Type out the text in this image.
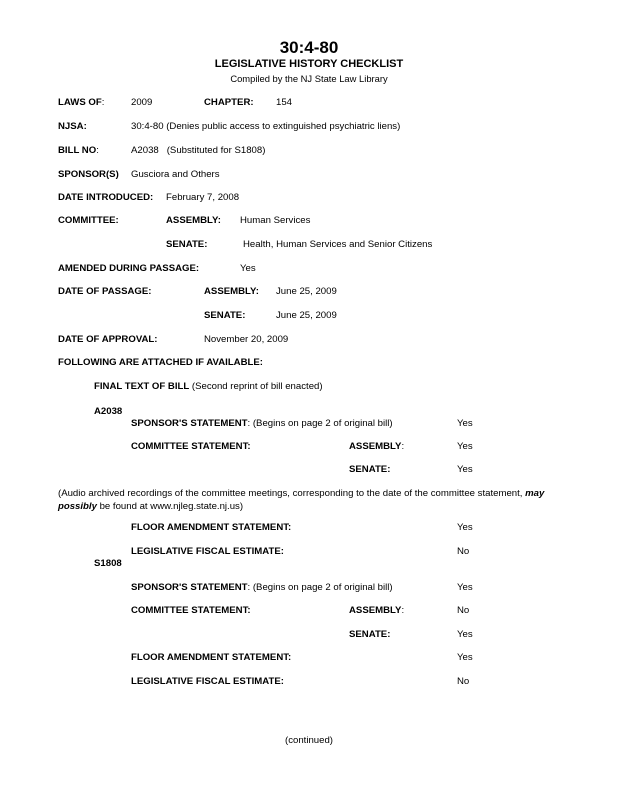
30:4-80
LEGISLATIVE HISTORY CHECKLIST
Compiled by the NJ State Law Library
LAWS OF:	2009	CHAPTER: 154
NJSA:	30:4-80 (Denies public access to extinguished psychiatric liens)
BILL NO:	A2038   (Substituted for S1808)
SPONSOR(S) Gusciora and Others
DATE INTRODUCED: February 7, 2008
COMMITTEE:	ASSEMBLY: Human Services
SENATE:	Health, Human Services and Senior Citizens
AMENDED DURING PASSAGE:	Yes
DATE OF PASSAGE:	ASSEMBLY: June 25, 2009
SENATE:	June 25, 2009
DATE OF APPROVAL:	November 20, 2009
FOLLOWING ARE ATTACHED IF AVAILABLE:
FINAL TEXT OF BILL (Second reprint of bill enacted)
A2038
SPONSOR'S STATEMENT: (Begins on page 2 of original bill)	Yes
COMMITTEE STATEMENT:	ASSEMBLY:	Yes
SENATE:	Yes
(Audio archived recordings of the committee meetings, corresponding to the date of the committee statement, may possibly be found at www.njleg.state.nj.us)
FLOOR AMENDMENT STATEMENT:	Yes
LEGISLATIVE FISCAL ESTIMATE:	No
S1808
SPONSOR'S STATEMENT: (Begins on page 2 of original bill)	Yes
COMMITTEE STATEMENT:	ASSEMBLY:	No
SENATE:	Yes
FLOOR AMENDMENT STATEMENT:	Yes
LEGISLATIVE FISCAL ESTIMATE:	No
(continued)
